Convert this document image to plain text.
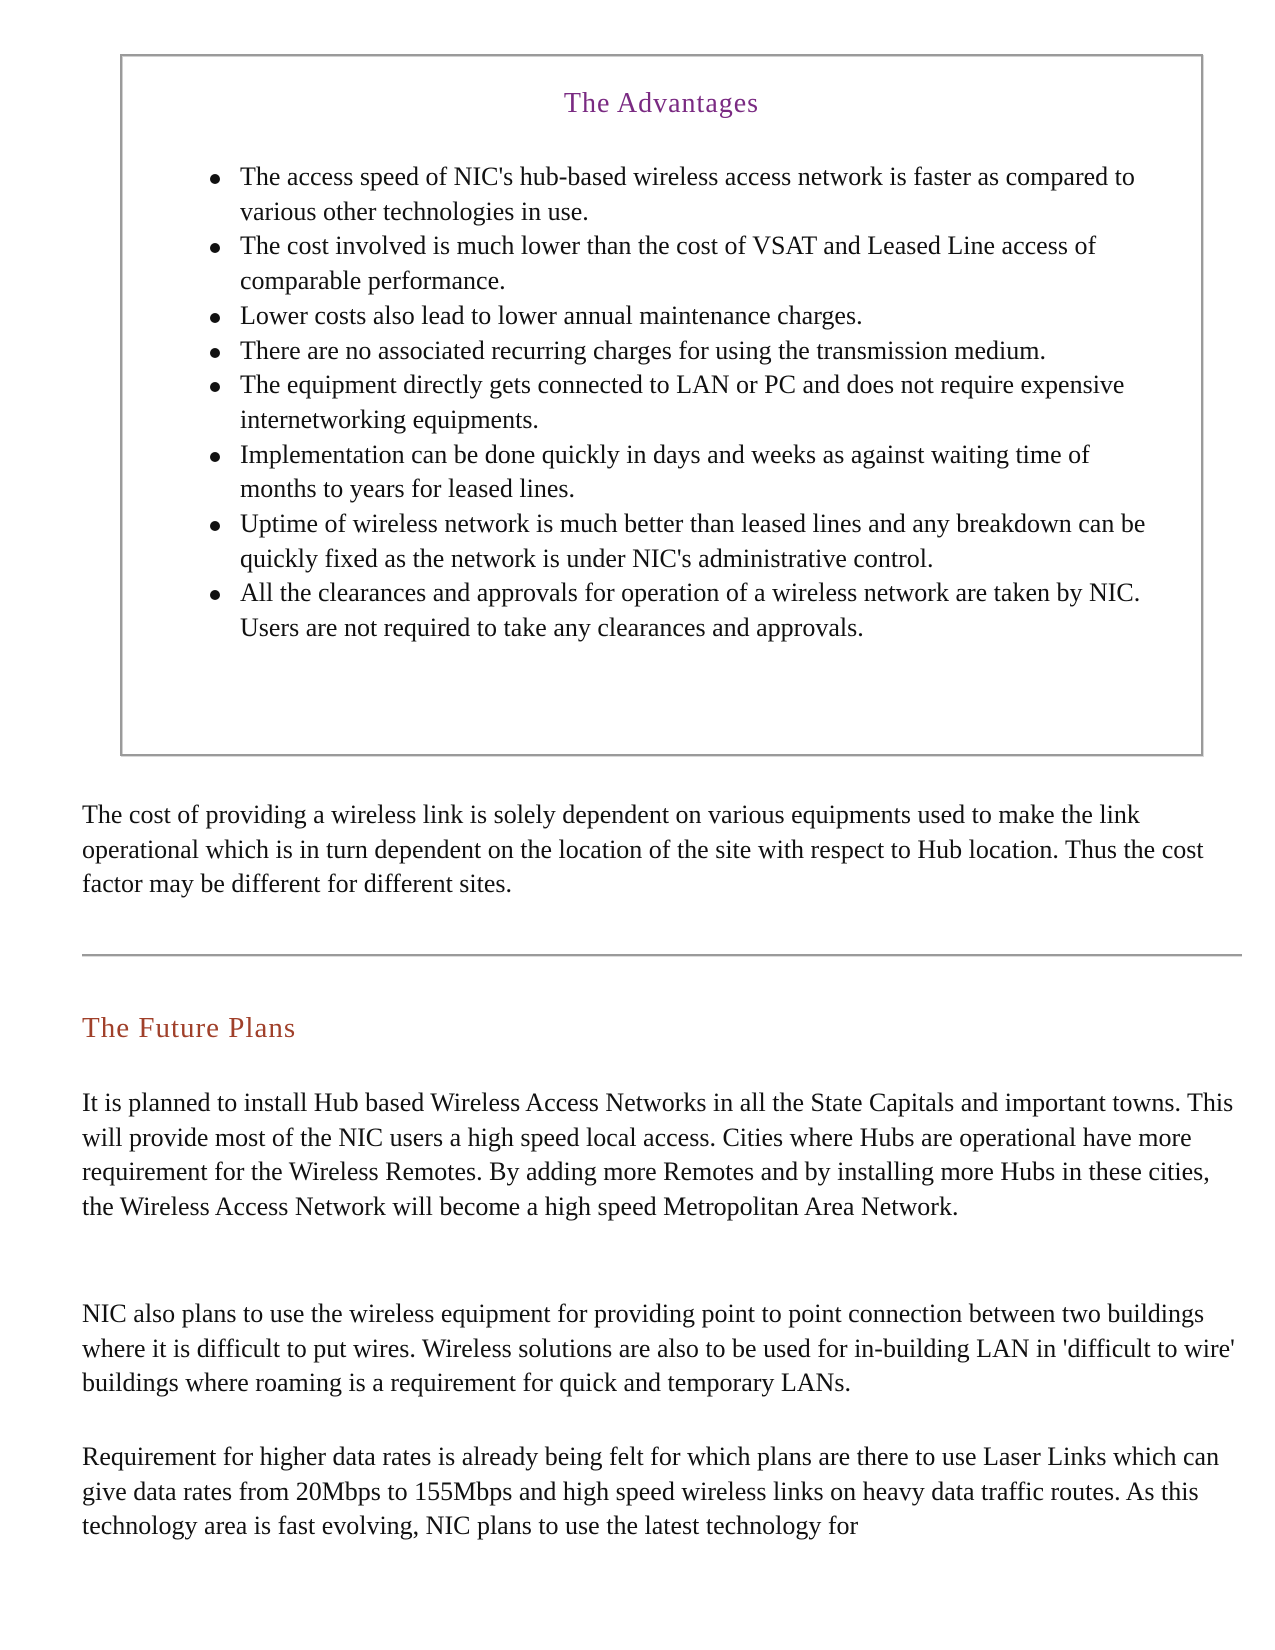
The Advantages
The access speed of NIC's hub-based wireless access network is faster as compared to various other technologies in use.
The cost involved is much lower than the cost of VSAT and Leased Line access of comparable performance.
Lower costs also lead to lower annual maintenance charges.
There are no associated recurring charges for using the transmission medium.
The equipment directly gets connected to LAN or PC and does not require expensive internetworking equipments.
Implementation can be done quickly in days and weeks as against waiting time of months to years for leased lines.
Uptime of wireless network is much better than leased lines and any breakdown can be quickly fixed as the network is under NIC's administrative control.
All the clearances and approvals for operation of a wireless network are taken by NIC. Users are not required to take any clearances and approvals.

The cost of providing a wireless link is solely dependent on various equipments used to make the link operational which is in turn dependent on the location of the site with respect to Hub location. Thus the cost factor may be different for different sites.

The Future Plans

It is planned to install Hub based Wireless Access Networks in all the State Capitals and important towns. This will provide most of the NIC users a high speed local access. Cities where Hubs are operational have more requirement for the Wireless Remotes. By adding more Remotes and by installing more Hubs in these cities, the Wireless Access Network will become a high speed Metropolitan Area Network.

NIC also plans to use the wireless equipment for providing point to point connection between two buildings where it is difficult to put wires. Wireless solutions are also to be used for in-building LAN in 'difficult to wire' buildings where roaming is a requirement for quick and temporary LANs.

Requirement for higher data rates is already being felt for which plans are there to use Laser Links which can give data rates from 20Mbps to 155Mbps and high speed wireless links on heavy data traffic routes. As this technology area is fast evolving, NIC plans to use the latest technology for
